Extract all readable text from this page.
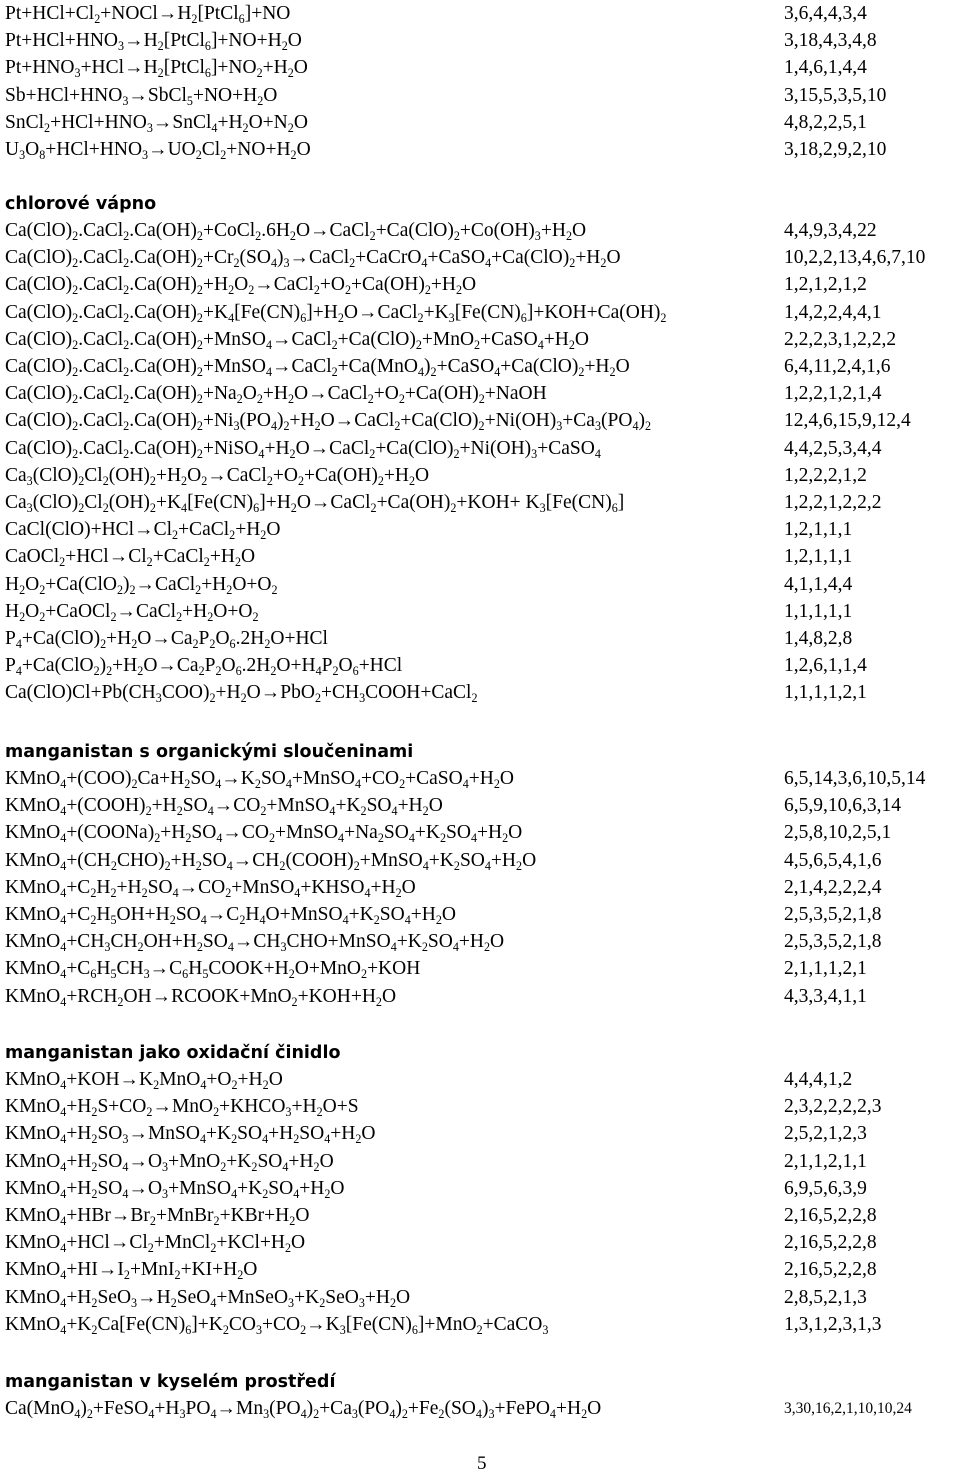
$Pt+HCl+Cl_2+NOCl\to H_2[PtCl_6]+NO$	3,6,4,4,3,4
$Pt+HCl+HNO_3\to H_2[PtCl_6]+NO+H_2O$	3,18,4,3,4,8
$Pt+HNO_3+HCl\to H_2[PtCl_6]+NO_2+H_2O$	1,4,6,1,4,4
$Sb+HCl+HNO_3\to SbCl_5+NO+H_2O$	3,15,5,3,5,10
$SnCl_2+HCl+HNO_3\to SnCl_4+H_2O+N_2O$	4,8,2,2,5,1
$U_3O_8+HCl+HNO_3\to UO_2Cl_2+NO+H_2O$	3,18,2,9,2,10
chlorové vápno
$Ca(ClO)_2.CaCl_2.Ca(OH)_2+CoCl_2.6H_2O\to CaCl_2+Ca(ClO)_2+Co(OH)_3+H_2O$	4,4,9,3,4,22
$Ca(ClO)_2.CaCl_2.Ca(OH)_2+Cr_2(SO_4)_3\to CaCl_2+CaCrO_4+CaSO_4+Ca(ClO)_2+H_2O$	10,2,2,13,4,6,7,10
$Ca(ClO)_2.CaCl_2.Ca(OH)_2+H_2O_2\to CaCl_2+O_2+Ca(OH)_2+H_2O$	1,2,1,2,1,2
$Ca(ClO)_2.CaCl_2.Ca(OH)_2+K_4[Fe(CN)_6]+H_2O\to CaCl_2+K_3[Fe(CN)_6]+KOH+Ca(OH)_2$	1,4,2,2,4,4,1
$Ca(ClO)_2.CaCl_2.Ca(OH)_2+MnSO_4\to CaCl_2+Ca(ClO)_2+MnO_2+CaSO_4+H_2O$	2,2,2,3,1,2,2,2
$Ca(ClO)_2.CaCl_2.Ca(OH)_2+MnSO_4\to CaCl_2+Ca(MnO_4)_2+CaSO_4+Ca(ClO)_2+H_2O$	6,4,11,2,4,1,6
$Ca(ClO)_2.CaCl_2.Ca(OH)_2+Na_2O_2+H_2O\to CaCl_2+O_2+Ca(OH)_2+NaOH$	1,2,2,1,2,1,4
$Ca(ClO)_2.CaCl_2.Ca(OH)_2+Ni_3(PO_4)_2+H_2O\to CaCl_2+Ca(ClO)_2+Ni(OH)_3+Ca_3(PO_4)_2$	12,4,6,15,9,12,4
$Ca(ClO)_2.CaCl_2.Ca(OH)_2+NiSO_4+H_2O\to CaCl_2+Ca(ClO)_2+Ni(OH)_3+CaSO_4$	4,4,2,5,3,4,4
$Ca_3(ClO)_2Cl_2(OH)_2+H_2O_2\to CaCl_2+O_2+Ca(OH)_2+H_2O$	1,2,2,2,1,2
$Ca_3(ClO)_2Cl_2(OH)_2+K_4[Fe(CN)_6]+H_2O\to CaCl_2+Ca(OH)_2+KOH+ K_3[Fe(CN)_6]$	1,2,2,1,2,2,2
$CaCl(ClO)+HCl\to Cl_2+CaCl_2+H_2O$	1,2,1,1,1
$CaOCl_2+HCl\to Cl_2+CaCl_2+H_2O$	1,2,1,1,1
$H_2O_2+Ca(ClO_2)_2\to CaCl_2+H_2O+O_2$	4,1,1,4,4
$H_2O_2+CaOCl_2\to CaCl_2+H_2O+O_2$	1,1,1,1,1
$P_4+Ca(ClO)_2+H_2O\to Ca_2P_2O_6.2H_2O+HCl$	1,4,8,2,8
$P_4+Ca(ClO_2)_2+H_2O\to Ca_2P_2O_6.2H_2O+H_4P_2O_6+HCl$	1,2,6,1,1,4
$Ca(ClO)Cl+Pb(CH_3COO)_2+H_2O\to PbO_2+CH_3COOH+CaCl_2$	1,1,1,1,2,1
manganistan s organickými sloučeninami
$KMnO_4+(COO)_2Ca+H_2SO_4\to K_2SO_4+MnSO_4+CO_2+CaSO_4+H_2O$	6,5,14,3,6,10,5,14
$KMnO_4+(COOH)_2+H_2SO_4\to CO_2+MnSO_4+K_2SO_4+H_2O$	6,5,9,10,6,3,14
$KMnO_4+(COONa)_2+H_2SO_4\to CO_2+MnSO_4+Na_2SO_4+K_2SO_4+H_2O$	2,5,8,10,2,5,1
$KMnO_4+(CH_2CHO)_2+H_2SO_4\to CH_2(COOH)_2+MnSO_4+K_2SO_4+H_2O$	4,5,6,5,4,1,6
$KMnO_4+C_2H_2+H_2SO_4\to CO_2+MnSO_4+KHSO_4+H_2O$	2,1,4,2,2,2,4
$KMnO_4+C_2H_5OH+H_2SO_4\to C_2H_4O+MnSO_4+K_2SO_4+H_2O$	2,5,3,5,2,1,8
$KMnO_4+CH_3CH_2OH+H_2SO_4\to CH_3CHO+MnSO_4+K_2SO_4+H_2O$	2,5,3,5,2,1,8
$KMnO_4+C_6H_5CH_3\to C_6H_5COOK+H_2O+MnO_2+KOH$	2,1,1,1,2,1
$KMnO_4+RCH_2OH\to RCOOK+MnO_2+KOH+H_2O$	4,3,3,4,1,1
manganistan jako oxidační činidlo
$KMnO_4+KOH\to K_2MnO_4+O_2+H_2O$	4,4,4,1,2
$KMnO_4+H_2S+CO_2\to MnO_2+KHCO_3+H_2O+S$	2,3,2,2,2,2,3
$KMnO_4+H_2SO_3\to MnSO_4+K_2SO_4+H_2SO_4+H_2O$	2,5,2,1,2,3
$KMnO_4+H_2SO_4\to O_3+MnO_2+K_2SO_4+H_2O$	2,1,1,2,1,1
$KMnO_4+H_2SO_4\to O_3+MnSO_4+K_2SO_4+H_2O$	6,9,5,6,3,9
$KMnO_4+HBr\to Br_2+MnBr_2+KBr+H_2O$	2,16,5,2,2,8
$KMnO_4+HCl\to Cl_2+MnCl_2+KCl+H_2O$	2,16,5,2,2,8
$KMnO_4+HI\to I_2+MnI_2+KI+H_2O$	2,16,5,2,2,8
$KMnO_4+H_2SeO_3\to H_2SeO_4+MnSeO_3+K_2SeO_3+H_2O$	2,8,5,2,1,3
$KMnO_4+K_2Ca[Fe(CN)_6]+K_2CO_3+CO_2\to K_3[Fe(CN)_6]+MnO_2+CaCO_3$	1,3,1,2,3,1,3
manganistan v kyselém prostředí
$Ca(MnO_4)_2+FeSO_4+H_3PO_4\to Mn_3(PO_4)_2+Ca_3(PO_4)_2+Fe_2(SO_4)_3+FePO_4+H_2O$	3,30,16,2,1,10,10,24
5
